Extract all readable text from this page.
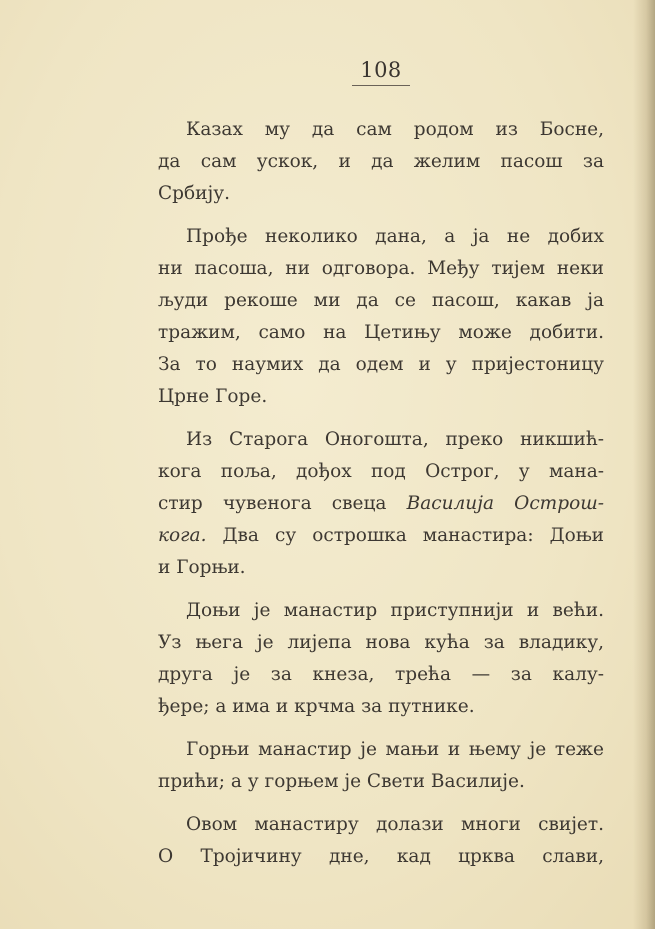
108
Казах му да сам родом из Босне,
да сам ускок, и да желим пасош за
Србију.
Прође неколико дана, а ја не добих
ни пасоша, ни одговора. Међу тијем неки
људи рекоше ми да се пасош, какав ја
тражим, само на Цетињу може добити.
За то наумих да одем и у пријестоницу
Црне Горе.
Из Старога Оногошта, преко никшић-
кога поља, дођох под Острог, у мана-
стир чувенога свеца Василија Острош-
кога. Два су острошка манастира: Доњи
и Горњи.
Доњи је манастир приступнији и већи.
Уз њега је лијепа нова кућа за владику,
друга је за кнеза, трећа — за калу-
ђере; а има и крчма за путнике.
Горњи манастир је мањи и њему је теже
прићи; а у горњем је Свети Василије.
Овом манастиру долази многи свијет.
О Тројичину дне, кад црква слави,
